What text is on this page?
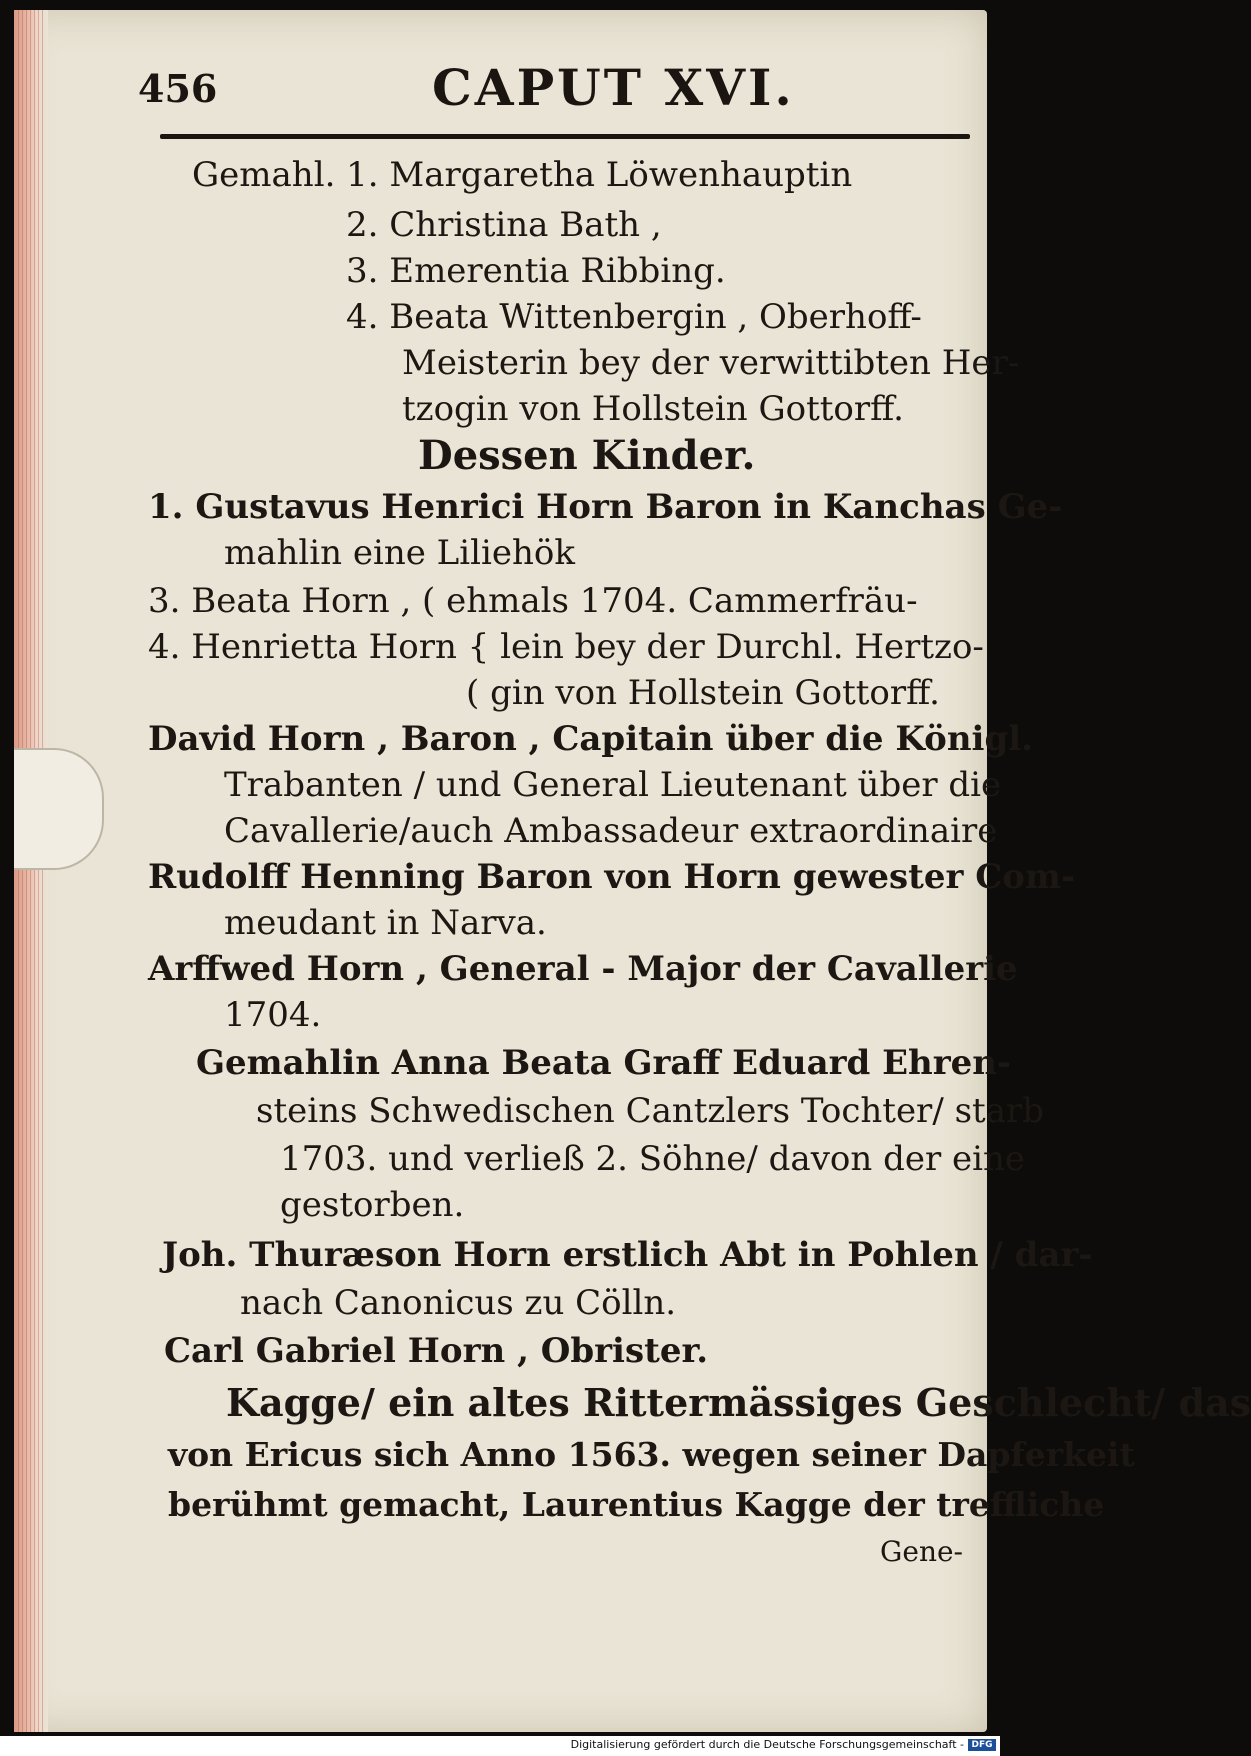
456	CAPUT XVI.
Gemahl. 1. Margaretha Löwenhauptin
2. Christina Bath ,
3. Emerentia Ribbing.
4. Beata Wittenbergin , Oberhoff-
Meisterin bey der verwittibten Her-
tzogin von Hollstein Gottorff.
Dessen Kinder.
1. Gustavus Henrici Horn Baron in Kanchas Ge-
mahlin eine Liliehök
3. Beata Horn , ( ehmals 1704. Cammerfräu-
4. Henrietta Horn { lein bey der Durchl. Hertzo-
( gin von Hollstein Gottorff.
David Horn , Baron , Capitain über die Königl.
Trabanten / und General Lieutenant über die
Cavallerie/auch Ambassadeur extraordinaire
Rudolff Henning Baron von Horn gewester Com-
meudant in Narva.
Arffwed Horn , General - Major der Cavallerie
1704.
Gemahlin Anna Beata Graff Eduard Ehren-
steins Schwedischen Cantzlers Tochter/ starb
1703. und verließ 2. Söhne/ davon der eine
gestorben.
Joh. Thuræson Horn erstlich Abt in Pohlen / dar-
nach Canonicus zu Cölln.
Carl Gabriel Horn , Obrister.
Kagge/ ein altes Rittermässiges Geschlecht/ das
von Ericus sich Anno 1563. wegen seiner Dapferkeit
berühmt gemacht, Laurentius Kagge der treffliche
Gene-
Digitalisierung gefördert durch die Deutsche Forschungsgemeinschaft - DFG
